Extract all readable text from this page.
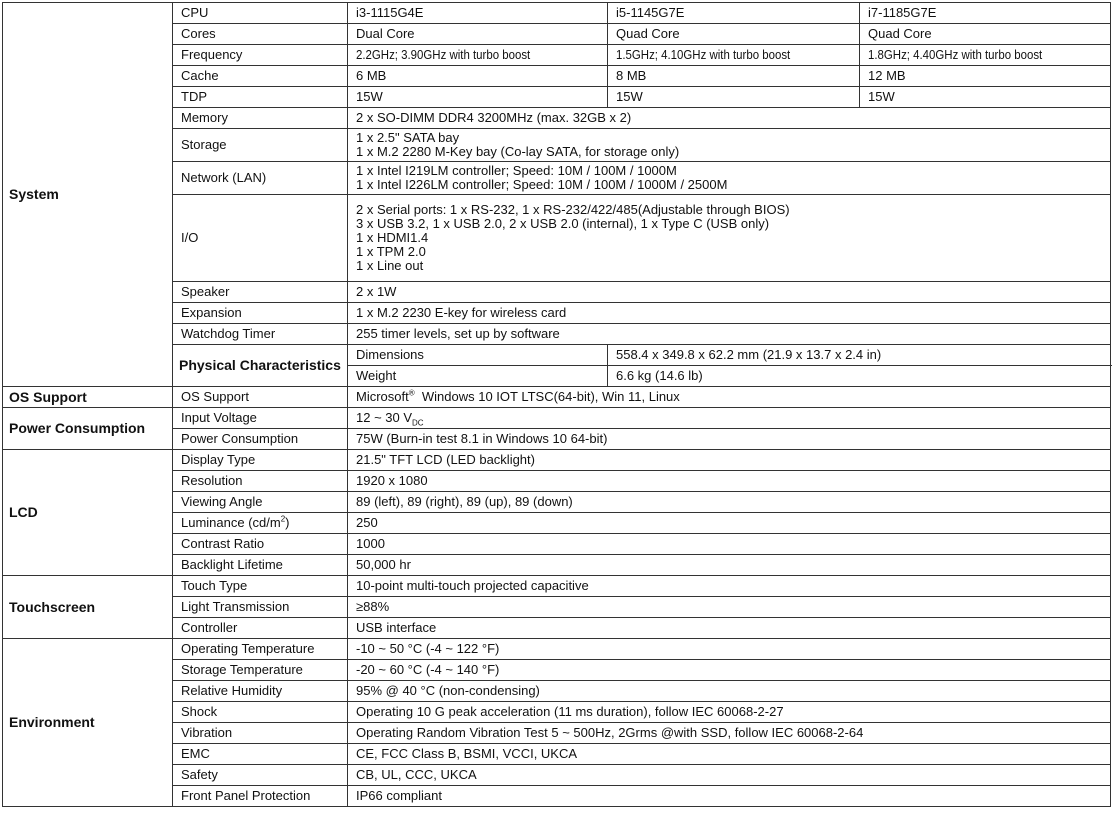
System	CPU	i3-1115G4E	i5-1145G7E	i7-1185G7E
	Cores	Dual Core	Quad Core	Quad Core
	Frequency	2.2GHz; 3.90GHz with turbo boost	1.5GHz; 4.10GHz with turbo boost	1.8GHz; 4.40GHz with turbo boost
	Cache	6 MB	8 MB	12 MB
	TDP	15W	15W	15W
	Memory	2 x SO-DIMM DDR4 3200MHz (max. 32GB x 2)		
	Storage	1 x 2.5" SATA bay
1 x M.2 2280 M-Key bay (Co-lay SATA, for storage only)		

	Network (LAN)	1 x Intel I219LM controller; Speed: 10M / 100M / 1000M
1 x Intel I226LM controller; Speed: 10M / 100M / 1000M / 2500M		

	I/O	2 x Serial ports: 1 x RS-232, 1 x RS-232/422/485(Adjustable through BIOS)
3 x USB 3.2, 1 x USB 2.0, 2 x USB 2.0 (internal), 1 x Type C (USB only)
1 x HDMI1.4
1 x TPM 2.0
1 x Line out		

	Speaker	2 x 1W		
	Expansion	1 x M.2 2230 E-key for wireless card		
	Watchdog Timer	255 timer levels, set up by software		
	Physical Characteristics	Dimensions	558.4 x 349.8 x 62.2 mm (21.9 x 13.7 x 2.4 in)	
		Weight	6.6 kg (14.6 lb)	
OS Support	OS Support	Microsoft®  Windows 10 IOT LTSC(64-bit), Win 11, Linux		
Power Consumption	Input Voltage	12 ~ 30 $V_{DC}$
	Power Consumption	75W (Burn-in test 8.1 in Windows 10 64-bit)		
LCD	Display Type	21.5" TFT LCD (LED backlight)		
	Resolution	1920 x 1080		
	Viewing Angle	89 (left), 89 (right), 89 (up), 89 (down)		
	Luminance $(cd/m^2)$	250		
	Contrast Ratio	1000		
	Backlight Lifetime	50,000 hr		
Touchscreen	Touch Type	10-point multi-touch projected capacitive		
	Light Transmission	≥88%		
	Controller	USB interface		
Environment	Operating Temperature	-10 ~ 50 °C (-4 ~ 122 °F)		
	Storage Temperature	-20 ~ 60 °C (-4 ~ 140 °F)		
	Relative Humidity	95% @ 40 °C (non-condensing)		
	Shock	Operating 10 G peak acceleration (11 ms duration), follow IEC 60068-2-27		
	Vibration	Operating Random Vibration Test 5 ~ 500Hz, 2Grms @with SSD, follow IEC 60068-2-64		
	EMC	CE, FCC Class B, BSMI, VCCI, UKCA		
	Safety	CB, UL, CCC, UKCA		
	Front Panel Protection	IP66 compliant		
